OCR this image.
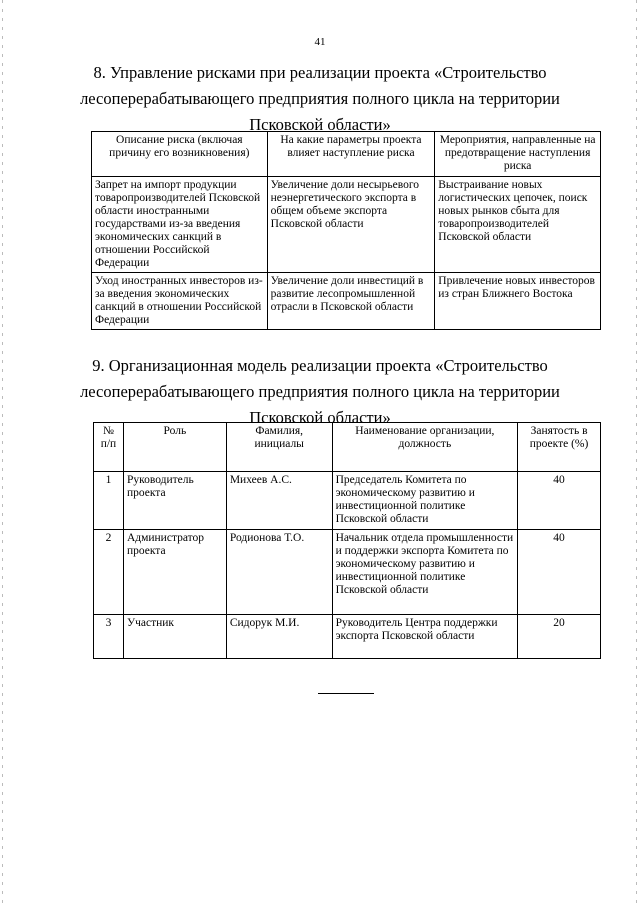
41
8. Управление рисками при реализации проекта «Строительство лесоперерабатывающего предприятия полного цикла на территории Псковской области»
Описание риска (включая причину его возникновения)	На какие параметры проекта влияет наступление риска	Мероприятия, направленные на предотвращение наступления риска
Запрет на импорт продукции товаропроизводителей Псковской области иностранными государствами из-за введения экономических санкций в отношении Российской Федерации	Увеличение доли несырьевого неэнергетического экспорта в общем объеме экспорта Псковской области	Выстраивание новых логистических цепочек, поиск новых рынков сбыта для товаропроизводителей Псковской области
Уход иностранных инвесторов из-за введения экономических санкций в отношении Российской Федерации	Увеличение доли инвестиций в развитие лесопромышленной отрасли в Псковской области	Привлечение новых инвесторов из стран Ближнего Востока
9. Организационная модель реализации проекта «Строительство лесоперерабатывающего предприятия полного цикла на территории Псковской области»
№ п/п	Роль	Фамилия, инициалы	Наименование организации, должность	Занятость в проекте (%)
1	Руководитель проекта	Михеев А.С.	Председатель Комитета по экономическому развитию и инвестиционной политике Псковской области	40
2	Администратор проекта	Родионова Т.О.	Начальник отдела промышленности и поддержки экспорта Комитета по экономическому развитию и инвестиционной политике Псковской области	40
3	Участник	Сидорук М.И.	Руководитель Центра поддержки экспорта Псковской области	20
